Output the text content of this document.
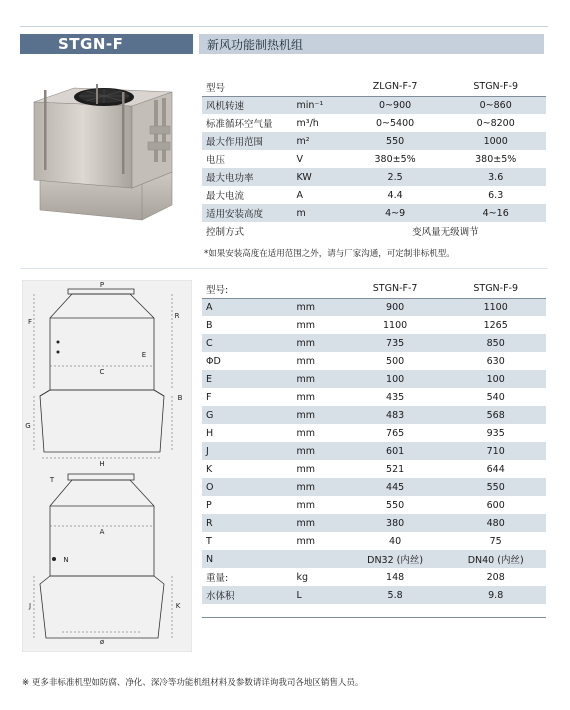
STGN-F	新风功能制热机组
型号		ZLGN-F-7	STGN-F-9
风机转速	min⁻¹	0~900	0~860
标准循环空气量	m³/h	0~5400	0~8200
最大作用范围	m²	550	1000
电压	V	380±5%	380±5%
最大电功率	KW	2.5	3.6
最大电流	A	4.4	6.3
适用安装高度	m	4~9	4~16
控制方式		变风量无级调节	
*如果安装高度在适用范围之外，请与厂家沟通，可定制非标机型。
P
F
R
E
C
G
B
H
T
A
N
J	K
ø
型号:		STGN-F-7	STGN-F-9
A	mm	900	1100
B	mm	1100	1265
C	mm	735	850
ΦD	mm	500	630
E	mm	100	100
F	mm	435	540
G	mm	483	568
H	mm	765	935
J	mm	601	710
K	mm	521	644
O	mm	445	550
P	mm	550	600
R	mm	380	480
T	mm	40	75
N		DN32 (内丝)	DN40 (内丝)
重量:	kg	148	208
水体积	L	5.8	9.8

※ 更多非标准机型如防腐、净化、深冷等功能机组材料及参数请详询我司各地区销售人员。
